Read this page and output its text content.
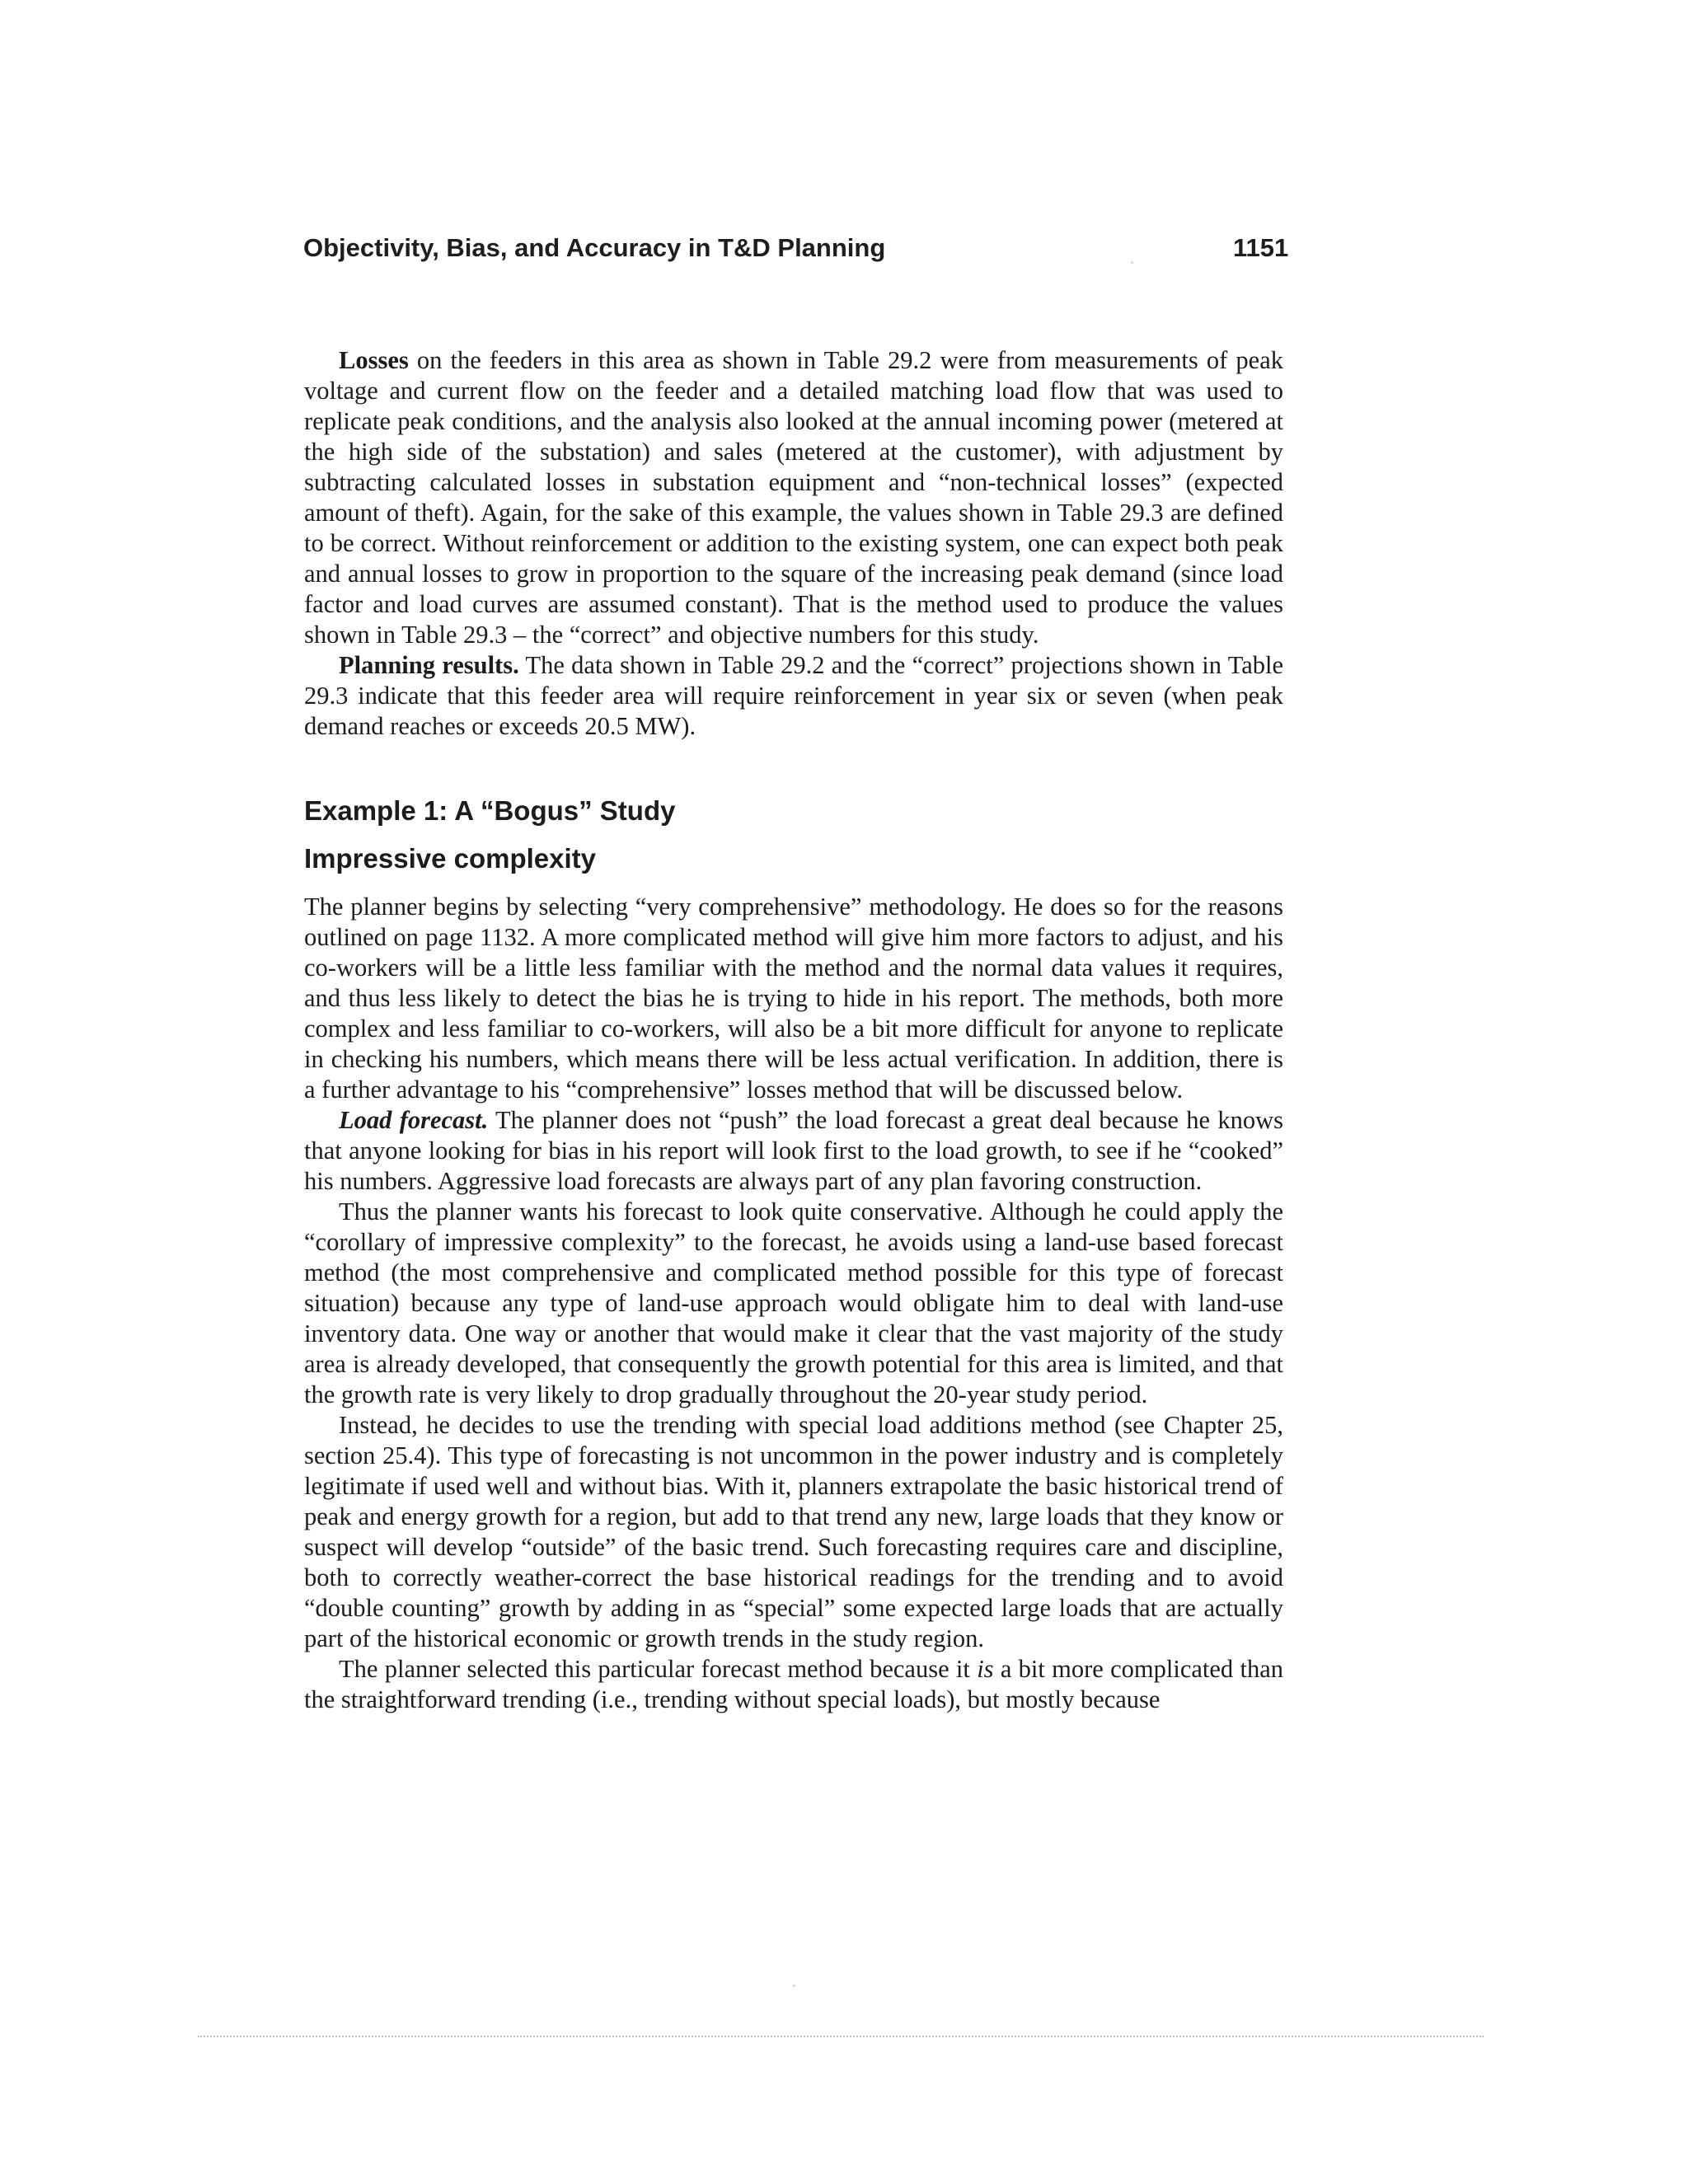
Objectivity, Bias, and Accuracy in T&D Planning	1151

Losses on the feeders in this area as shown in Table 29.2 were from measurements of peak voltage and current flow on the feeder and a detailed matching load flow that was used to replicate peak conditions, and the analysis also looked at the annual incoming power (metered at the high side of the substation) and sales (metered at the customer), with adjustment by subtracting calculated losses in substation equipment and “non-technical losses” (expected amount of theft). Again, for the sake of this example, the values shown in Table 29.3 are defined to be correct. Without reinforcement or addition to the existing system, one can expect both peak and annual losses to grow in proportion to the square of the increasing peak demand (since load factor and load curves are assumed constant). That is the method used to produce the values shown in Table 29.3 – the “correct” and objective numbers for this study.

Planning results. The data shown in Table 29.2 and the “correct” projections shown in Table 29.3 indicate that this feeder area will require reinforcement in year six or seven (when peak demand reaches or exceeds 20.5 MW).

Example 1: A “Bogus” Study
Impressive complexity

The planner begins by selecting “very comprehensive” methodology. He does so for the reasons outlined on page 1132. A more complicated method will give him more factors to adjust, and his co-workers will be a little less familiar with the method and the normal data values it requires, and thus less likely to detect the bias he is trying to hide in his report. The methods, both more complex and less familiar to co-workers, will also be a bit more difficult for anyone to replicate in checking his numbers, which means there will be less actual verification. In addition, there is a further advantage to his “comprehensive” losses method that will be discussed below.

Load forecast. The planner does not “push” the load forecast a great deal because he knows that anyone looking for bias in his report will look first to the load growth, to see if he “cooked” his numbers. Aggressive load forecasts are always part of any plan favoring construction.

Thus the planner wants his forecast to look quite conservative. Although he could apply the “corollary of impressive complexity” to the forecast, he avoids using a land-use based forecast method (the most comprehensive and complicated method possible for this type of forecast situation) because any type of land-use approach would obligate him to deal with land-use inventory data. One way or another that would make it clear that the vast majority of the study area is already developed, that consequently the growth potential for this area is limited, and that the growth rate is very likely to drop gradually throughout the 20-year study period.

Instead, he decides to use the trending with special load additions method (see Chapter 25, section 25.4). This type of forecasting is not uncommon in the power industry and is completely legitimate if used well and without bias. With it, planners extrapolate the basic historical trend of peak and energy growth for a region, but add to that trend any new, large loads that they know or suspect will develop “outside” of the basic trend. Such forecasting requires care and discipline, both to correctly weather-correct the base historical readings for the trending and to avoid “double counting” growth by adding in as “special” some expected large loads that are actually part of the historical economic or growth trends in the study region.

The planner selected this particular forecast method because it is a bit more complicated than the straightforward trending (i.e., trending without special loads), but mostly because
